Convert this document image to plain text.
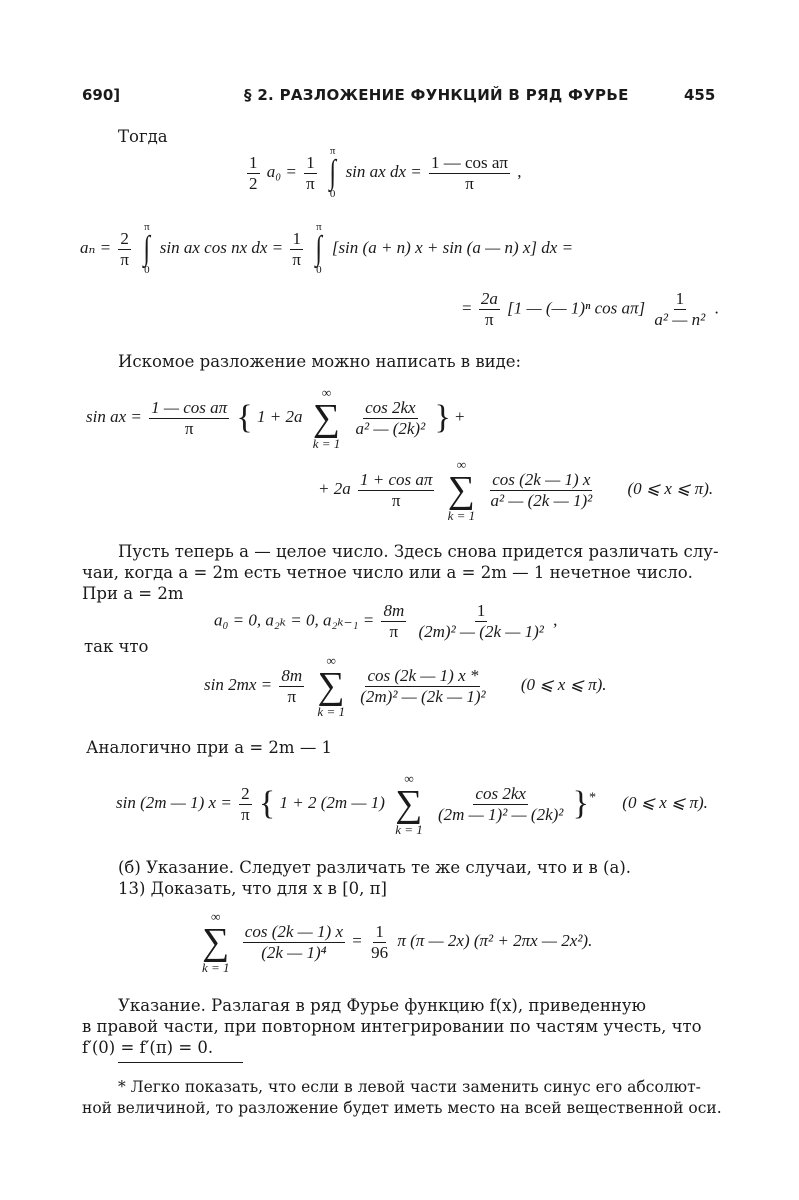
690]	§ 2. РАЗЛОЖЕНИЕ ФУНКЦИЙ В РЯД ФУРЬЕ	455
Тогда
$\frac{1}{2} a_0 = \frac{1}{\pi}$

π
∫
0
sin ax dx = $\frac{\text{1 — cos aπ}}{\pi}$ ,
$a_n = \frac{2}{\pi}$

π
∫
0
sin ax cos nx dx = $\frac{1}{\pi}$

π
∫
0
[sin (a + n) x + sin (a — n) x] dx =
= $\frac{2a}{\pi} [1$ — (— 1)ⁿ $\cos a\pi] \frac{1}{\text{a² — n²}}$ .
Искомое разложение можно написать в виде:
sin ax = $\frac{\text{1 — cos aπ}}{\pi}$ { 1 + 2a
∞
∑
k = 1

$\frac{\cos 2kx}{\text{a² — (2k)²}}$ } +
+ $2a \frac{\text{1 + cos aπ}}{\pi}$

∞
∑
k = 1

$\frac{\cos (2k — 1) x}{\text{a² — (2k — 1)²}} (0$ ⩽ x ⩽ π).
Пусть теперь a — целое число. Здесь снова придется различать слу-
чаи, когда a = 2m есть четное число или a = 2m — 1 нечетное число.
При a = 2m
a₀ = 0, a₂ₖ = 0, $a_{2k-1} = \frac{8m}{\pi}$
$\frac{1}{\text{(2m)² — (2k — 1)²}}$ ,
так что
$\sin 2mx = \frac{8m}{\pi}$

∞
∑
k = 1

$\frac{\cos (2k — 1) x *}{\text{(2m)² — (2k — 1)²}} (0$ ⩽ x ⩽ π).
Аналогично при a = 2m — 1
sin (2m — 1) $x = \frac{2}{\pi}$ { 1 + 2 (2m — 1)
∞
∑
k = 1

$\frac{\cos 2kx}{\text{(2m — 1)² — (2k)²}} \}^*$ (0 ⩽ x ⩽ π).
(б) Указание. Следует различать те же случаи, что и в (а).
13) Доказать, что для x в [0, π]
∞
∑
k = 1

$\frac{\cos (2k — 1) x}{\text{(2k — 1)⁴}} = \frac{1}{96}$ π (π — 2x) (π² + 2πx — 2x²).
Указание. Разлагая в ряд Фурье функцию f(x), приведенную
в правой части, при повторном интегрировании по частям учесть, что
f′(0) = f′(π) = 0.
* Легко показать, что если в левой части заменить синус его абсолют-
ной величиной, то разложение будет иметь место на всей вещественной оси.
